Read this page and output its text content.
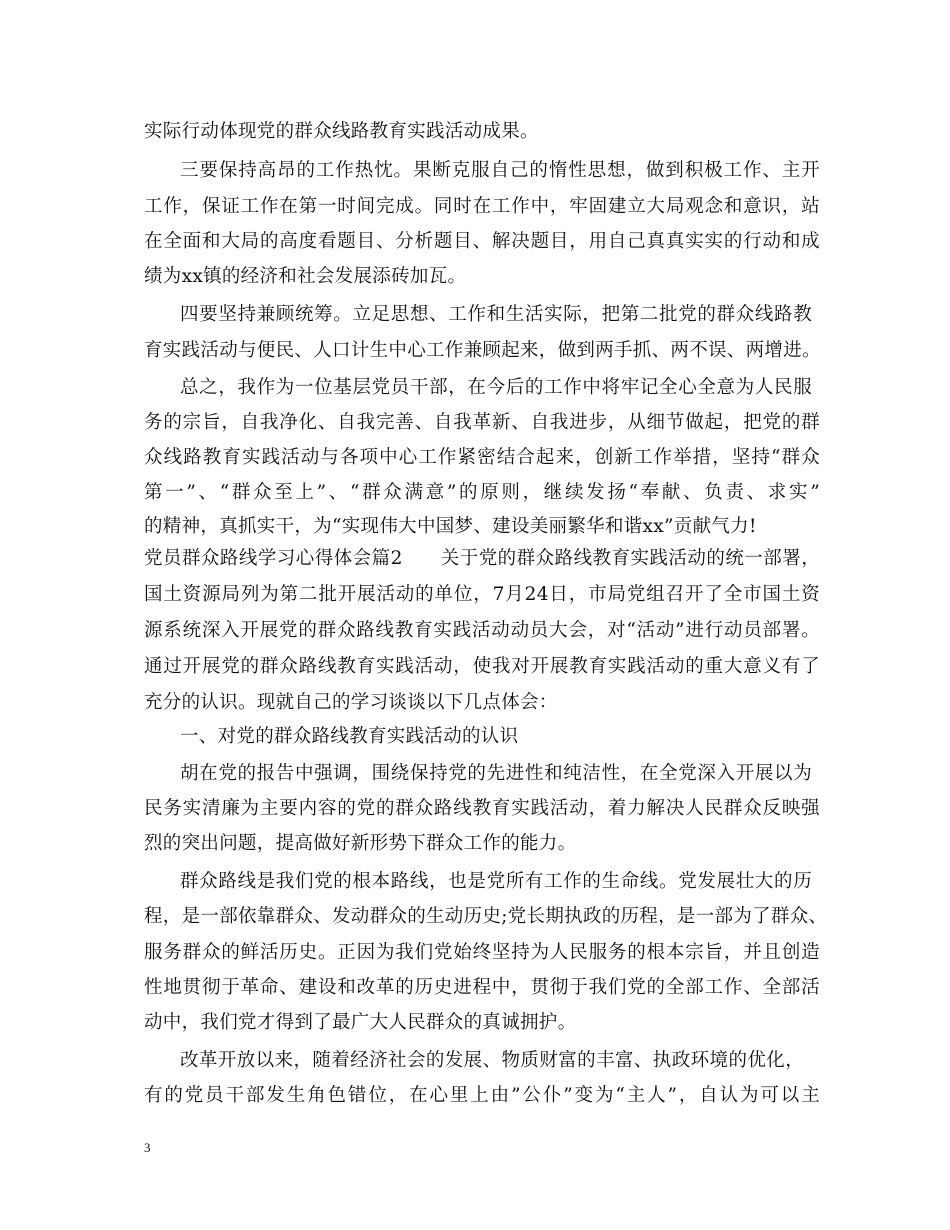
实际行动体现党的群众线路教育实践活动成果。
三要保持高昂的工作热忱。果断克服自己的惰性思想，做到积极工作、主开
工作，保证工作在第一时间完成。同时在工作中，牢固建立大局观念和意识，站
在全面和大局的高度看题目、分析题目、解决题目，用自己真真实实的行动和成
绩为xx镇的经济和社会发展添砖加瓦。
四要坚持兼顾统筹。立足思想、工作和生活实际，把第二批党的群众线路教
育实践活动与便民、人口计生中心工作兼顾起来，做到两手抓、两不误、两增进。
总之，我作为一位基层党员干部，在今后的工作中将牢记全心全意为人民服
务的宗旨，自我净化、自我完善、自我革新、自我进步，从细节做起，把党的群
众线路教育实践活动与各项中心工作紧密结合起来，创新工作举措，坚持“群众
第一”、“群众至上”、“群众满意”的原则，继续发扬“奉献、负责、求实”
的精神，真抓实干，为“实现伟大中国梦、建设美丽繁华和谐xx”贡献气力!
党员群众路线学习心得体会篇2　　关于党的群众路线教育实践活动的统一部署，
国土资源局列为第二批开展活动的单位，7月24日，市局党组召开了全市国土资
源系统深入开展党的群众路线教育实践活动动员大会，对“活动”进行动员部署。
通过开展党的群众路线教育实践活动，使我对开展教育实践活动的重大意义有了
充分的认识。现就自己的学习谈谈以下几点体会：
一、对党的群众路线教育实践活动的认识
胡在党的报告中强调，围绕保持党的先进性和纯洁性，在全党深入开展以为
民务实清廉为主要内容的党的群众路线教育实践活动，着力解决人民群众反映强
烈的突出问题，提高做好新形势下群众工作的能力。
群众路线是我们党的根本路线，也是党所有工作的生命线。党发展壮大的历
程，是一部依靠群众、发动群众的生动历史;党长期执政的历程，是一部为了群众、
服务群众的鲜活历史。正因为我们党始终坚持为人民服务的根本宗旨，并且创造
性地贯彻于革命、建设和改革的历史进程中，贯彻于我们党的全部工作、全部活
动中，我们党才得到了最广大人民群众的真诚拥护。
改革开放以来，随着经济社会的发展、物质财富的丰富、执政环境的优化，
有的党员干部发生角色错位，在心里上由”公仆”变为“主人”，自认为可以主
3
